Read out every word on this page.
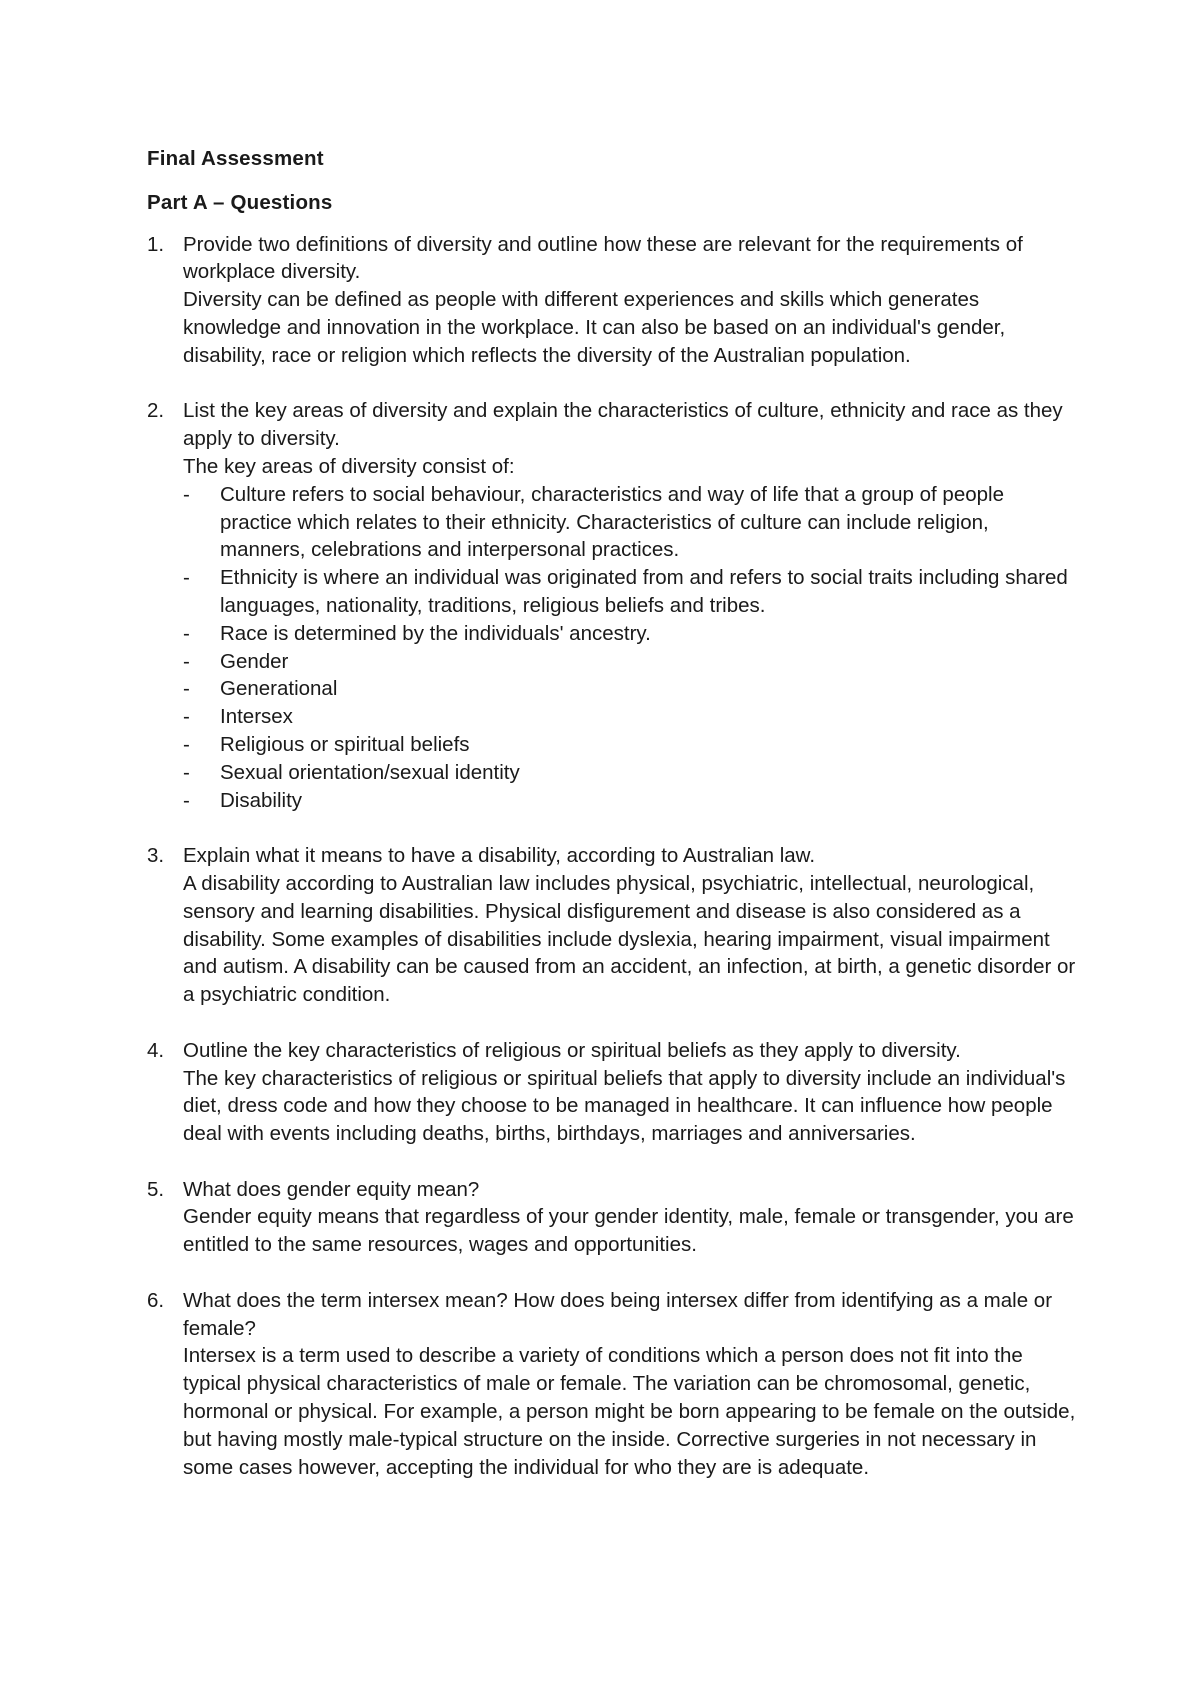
Final Assessment

Part A – Questions

1. Provide two definitions of diversity and outline how these are relevant for the requirements of workplace diversity.

Diversity can be defined as people with different experiences and skills which generates knowledge and innovation in the workplace. It can also be based on an individual's gender, disability, race or religion which reflects the diversity of the Australian population.

2. List the key areas of diversity and explain the characteristics of culture, ethnicity and race as they apply to diversity.

The key areas of diversity consist of:

- Culture refers to social behaviour, characteristics and way of life that a group of people practice which relates to their ethnicity. Characteristics of culture can include religion, manners, celebrations and interpersonal practices.
- Ethnicity is where an individual was originated from and refers to social traits including shared languages, nationality, traditions, religious beliefs and tribes.
- Race is determined by the individuals' ancestry.
- Gender
- Generational
- Intersex
- Religious or spiritual beliefs
- Sexual orientation/sexual identity
- Disability
3. Explain what it means to have a disability, according to Australian law.

A disability according to Australian law includes physical, psychiatric, intellectual, neurological, sensory and learning disabilities. Physical disfigurement and disease is also considered as a disability. Some examples of disabilities include dyslexia, hearing impairment, visual impairment and autism. A disability can be caused from an accident, an infection, at birth, a genetic disorder or a psychiatric condition.

4. Outline the key characteristics of religious or spiritual beliefs as they apply to diversity.

The key characteristics of religious or spiritual beliefs that apply to diversity include an individual's diet, dress code and how they choose to be managed in healthcare. It can influence how people deal with events including deaths, births, birthdays, marriages and anniversaries.

5. What does gender equity mean?

Gender equity means that regardless of your gender identity, male, female or transgender, you are entitled to the same resources, wages and opportunities.

6. What does the term intersex mean? How does being intersex differ from identifying as a male or female?

Intersex is a term used to describe a variety of conditions which a person does not fit into the typical physical characteristics of male or female. The variation can be chromosomal, genetic, hormonal or physical. For example, a person might be born appearing to be female on the outside, but having mostly male-typical structure on the inside. Corrective surgeries in not necessary in some cases however, accepting the individual for who they are is adequate.
